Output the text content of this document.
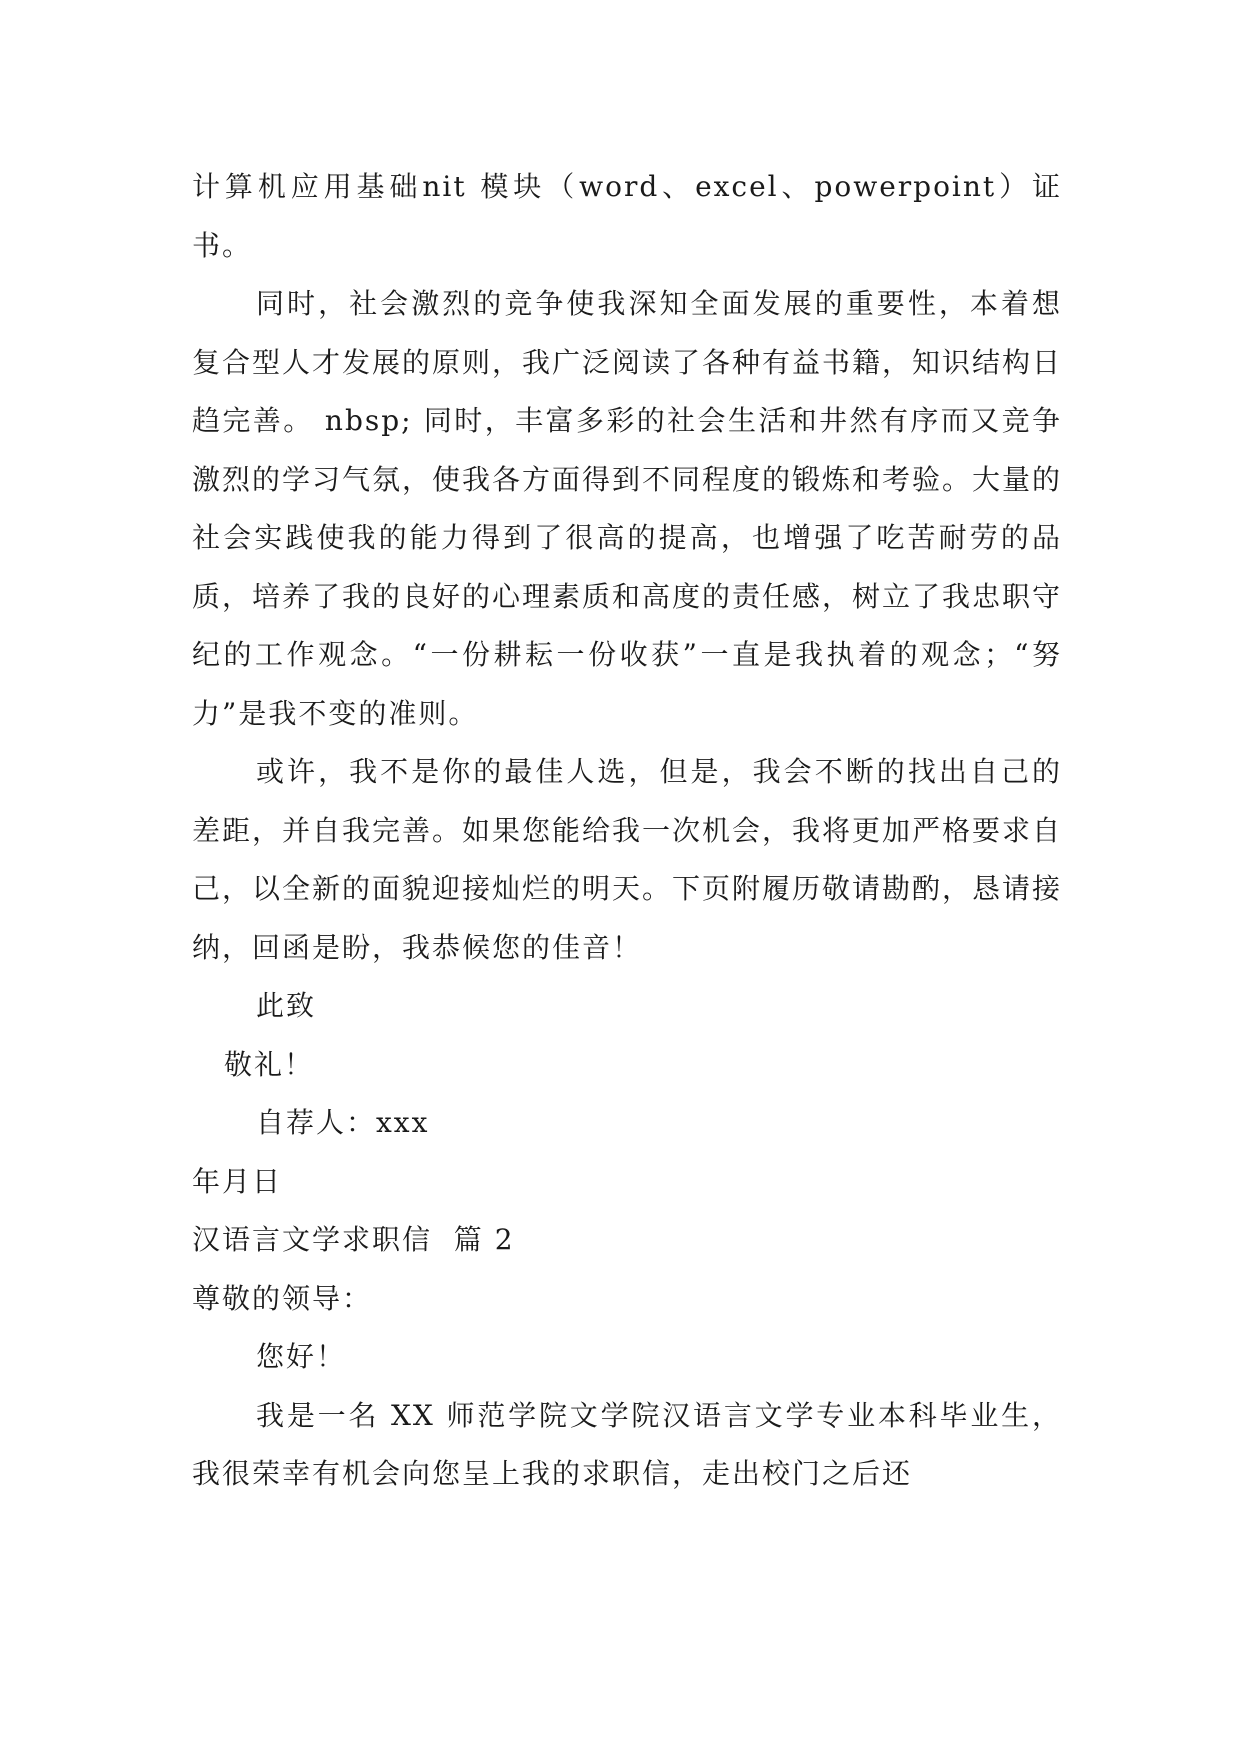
计算机应用基础nit 模块（word、excel、powerpoint）证书。

同时，社会激烈的竞争使我深知全面发展的重要性，本着想复合型人才发展的原则，我广泛阅读了各种有益书籍，知识结构日趋完善。 nbsp; 同时，丰富多彩的社会生活和井然有序而又竞争激烈的学习气氛，使我各方面得到不同程度的锻炼和考验。大量的社会实践使我的能力得到了很高的提高，也增强了吃苦耐劳的品质，培养了我的良好的心理素质和高度的责任感，树立了我忠职守纪的工作观念。“一份耕耘一份收获”一直是我执着的观念；“努力”是我不变的准则。

或许，我不是你的最佳人选，但是，我会不断的找出自己的差距，并自我完善。如果您能给我一次机会，我将更加严格要求自己，以全新的面貌迎接灿烂的明天。下页附履历敬请勘酌，恳请接纳，回函是盼，我恭候您的佳音！

此致

敬礼！

自荐人：xxx

年月日

汉语言文学求职信  篇 2

尊敬的领导：

您好！

我是一名 XX 师范学院文学院汉语言文学专业本科毕业生，我很荣幸有机会向您呈上我的求职信，走出校门之后还
